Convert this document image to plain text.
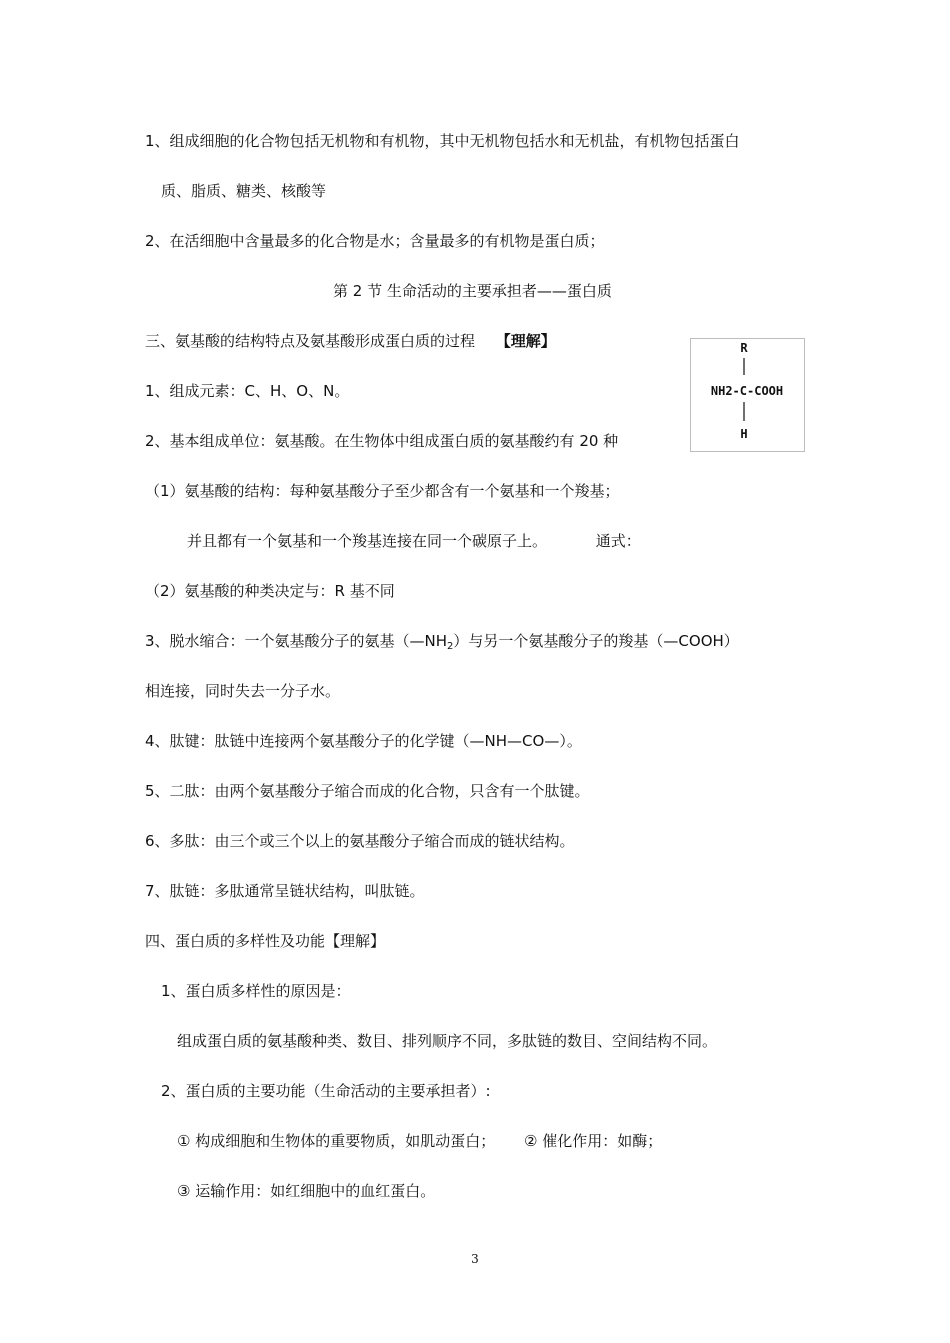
1、组成细胞的化合物包括无机物和有机物，其中无机物包括水和无机盐，有机物包括蛋白
质、脂质、糖类、核酸等
2、在活细胞中含量最多的化合物是水；含量最多的有机物是蛋白质；
第 2 节 生命活动的主要承担者——蛋白质
三、氨基酸的结构特点及氨基酸形成蛋白质的过程 【理解】	R
NH2-C-COOH
H
1、组成元素：C、H、O、N。
2、基本组成单位：氨基酸。在生物体中组成蛋白质的氨基酸约有 20 种
（1）氨基酸的结构：每种氨基酸分子至少都含有一个氨基和一个羧基；
并且都有一个氨基和一个羧基连接在同一个碳原子上。	通式：
（2）氨基酸的种类决定与：R 基不同
3、脱水缩合：一个氨基酸分子的氨基$(—NH_2)$与另一个氨基酸分子的羧基（—COOH）
相连接，同时失去一分子水。
4、肽键：肽链中连接两个氨基酸分子的化学键（—NH—CO—）。
5、二肽：由两个氨基酸分子缩合而成的化合物，只含有一个肽键。
6、多肽：由三个或三个以上的氨基酸分子缩合而成的链状结构。
7、肽链：多肽通常呈链状结构，叫肽链。
四、蛋白质的多样性及功能【理解】
1、蛋白质多样性的原因是：
组成蛋白质的氨基酸种类、数目、排列顺序不同，多肽链的数目、空间结构不同。
2、蛋白质的主要功能（生命活动的主要承担者）:
① 构成细胞和生物体的重要物质，如肌动蛋白； ② 催化作用：如酶；
③ 运输作用：如红细胞中的血红蛋白。
3
